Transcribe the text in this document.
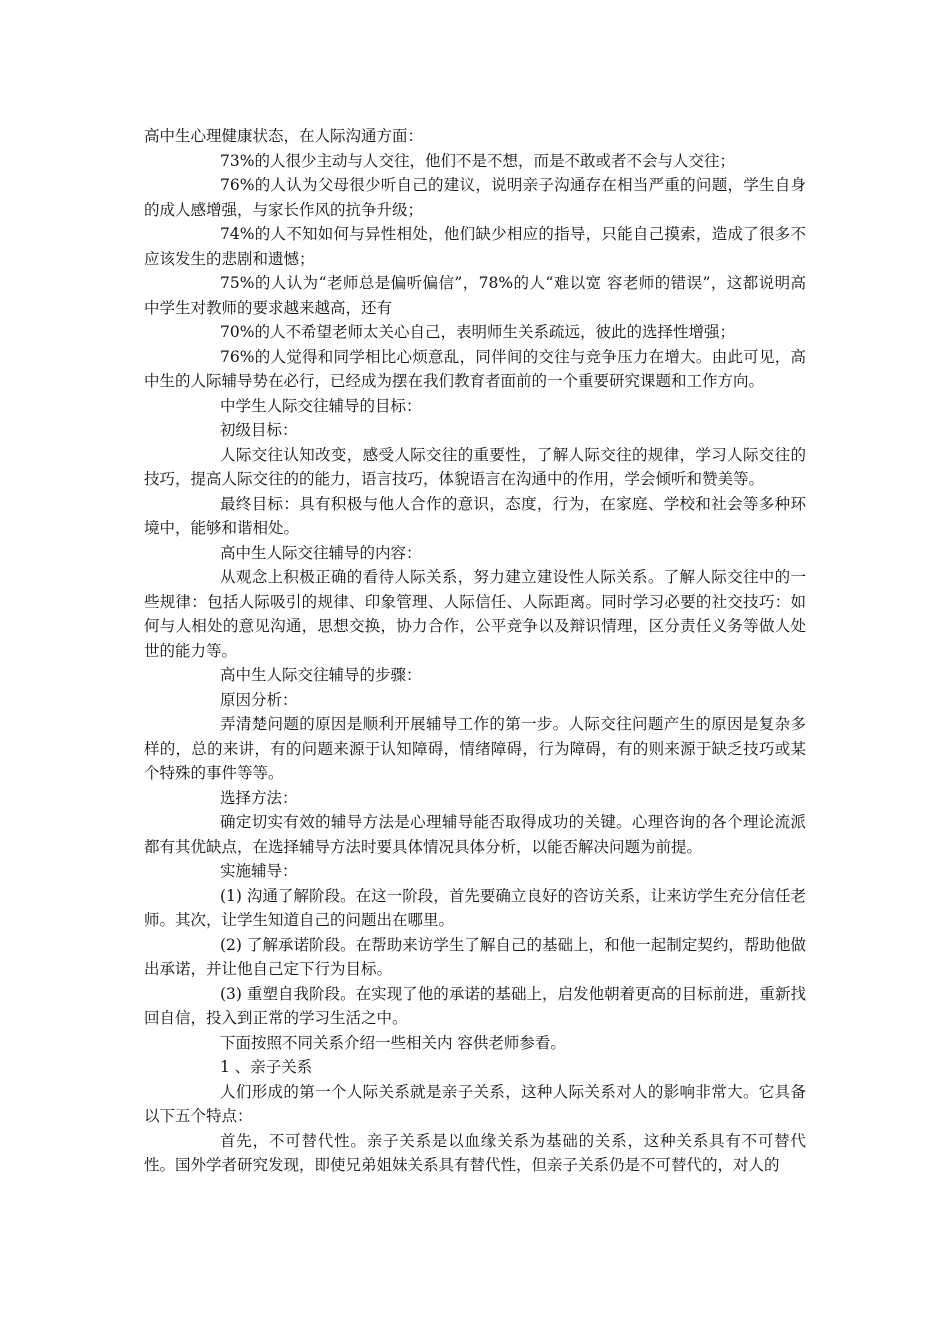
高中生心理健康状态，在人际沟通方面：

73%的人很少主动与人交往，他们不是不想，而是不敢或者不会与人交往；

76%的人认为父母很少听自己的建议，说明亲子沟通存在相当严重的问题，学生自身的成人感增强，与家长作风的抗争升级；

74%的人不知如何与异性相处，他们缺少相应的指导，只能自己摸索，造成了很多不应该发生的悲剧和遗憾；

75%的人认为“老师总是偏听偏信”，78%的人“难以宽 容老师的错误”，这都说明高中学生对教师的要求越来越高，还有

70%的人不希望老师太关心自己，表明师生关系疏远，彼此的选择性增强；

76%的人觉得和同学相比心烦意乱，同伴间的交往与竞争压力在增大。由此可见，高中生的人际辅导势在必行，已经成为摆在我们教育者面前的一个重要研究课题和工作方向。

中学生人际交往辅导的目标：

初级目标：

人际交往认知改变，感受人际交往的重要性，了解人际交往的规律，学习人际交往的技巧，提高人际交往的的能力，语言技巧，体貌语言在沟通中的作用，学会倾听和赞美等。

最终目标：具有积极与他人合作的意识，态度，行为，在家庭、学校和社会等多种环境中，能够和谐相处。

高中生人际交往辅导的内容：

从观念上积极正确的看待人际关系，努力建立建设性人际关系。了解人际交往中的一些规律：包括人际吸引的规律、印象管理、人际信任、人际距离。同时学习必要的社交技巧：如何与人相处的意见沟通，思想交换，协力合作，公平竞争以及辩识情理，区分责任义务等做人处世的能力等。

高中生人际交往辅导的步骤：

原因分析：

弄清楚问题的原因是顺利开展辅导工作的第一步。人际交往问题产生的原因是复杂多样的，总的来讲，有的问题来源于认知障碍，情绪障碍，行为障碍，有的则来源于缺乏技巧或某个特殊的事件等等。

选择方法：

确定切实有效的辅导方法是心理辅导能否取得成功的关键。心理咨询的各个理论流派都有其优缺点，在选择辅导方法时要具体情况具体分析，以能否解决问题为前提。

实施辅导：

(1) 沟通了解阶段。在这一阶段，首先要确立良好的咨访关系，让来访学生充分信任老师。其次，让学生知道自己的问题出在哪里。

(2) 了解承诺阶段。在帮助来访学生了解自己的基础上，和他一起制定契约，帮助他做出承诺，并让他自己定下行为目标。

(3) 重塑自我阶段。在实现了他的承诺的基础上，启发他朝着更高的目标前进，重新找回自信，投入到正常的学习生活之中。

下面按照不同关系介绍一些相关内 容供老师参看。

1 、亲子关系

人们形成的第一个人际关系就是亲子关系，这种人际关系对人的影响非常大。它具备以下五个特点：

首先，不可替代性。亲子关系是以血缘关系为基础的关系，这种关系具有不可替代性。国外学者研究发现，即使兄弟姐妹关系具有替代性，但亲子关系仍是不可替代的，对人的
